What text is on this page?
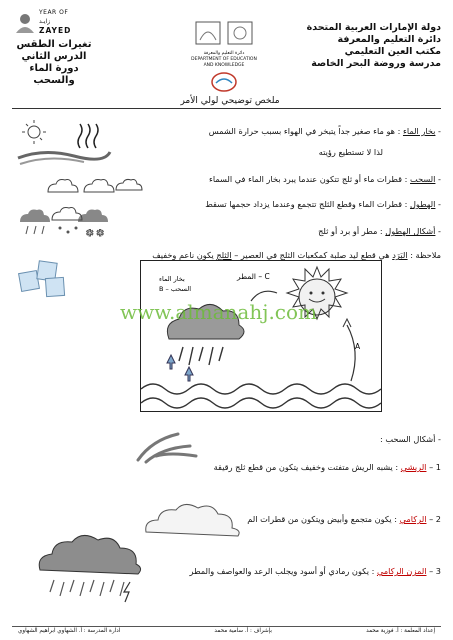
دولة الإمارات العربية المتحدة
دائرة التعليم والمعرفة
مكتب العين التعليمي
مدرسة وروضة البحر الخاصة
دائرة التعليم والمعرفة
DEPARTMENT OF EDUCATION
AND KNOWLEDGE
YEAR OF
زايـد
ZAYED
تغيرات الطقس
الدرس الثاني
دورة الماء
والسحب
ملخص توضيحي لولي الأمر
- بخار الماء : هو ماء صغير جداً يتبخر في الهواء بسبب حرارة الشمس
لذا لا تستطيع رؤيته
- السحب : قطرات ماء أو ثلج تتكون عندما يبرد بخار الماء في السماء
- الهطول : قطرات الماء وقطع الثلج تتجمع وعندما يزداد حجمها تسقط
- أشكال الهطول : مطر أو برد أو ثلج
ملاحظة : البَرَد هي قطع ليد صلبة كمكعبات الثلج في العصير – الثلج يكون ناعم وخفيف
✱ ✱
بخار الماء
B – السحب
المطر – C
A
www.almanahj.com
- أشكال السحب :
1 – الريشي : يشبه الريش متفتت وخفيف يتكون من قطع ثلج رقيقة
2 – الركامي : يكون متجمع وأبيض ويتكون من قطرات الم
3 – المزن الركامي : يكون رمادي أو أسود ويجلب الرعد والعواصف والمطر
إعداد المعلمة : أ. فوزية محمد
بإشراف : أ. سامية محمد
ادارة المدرسة : أ. الشهاوي ابراهيم الشهاوي
